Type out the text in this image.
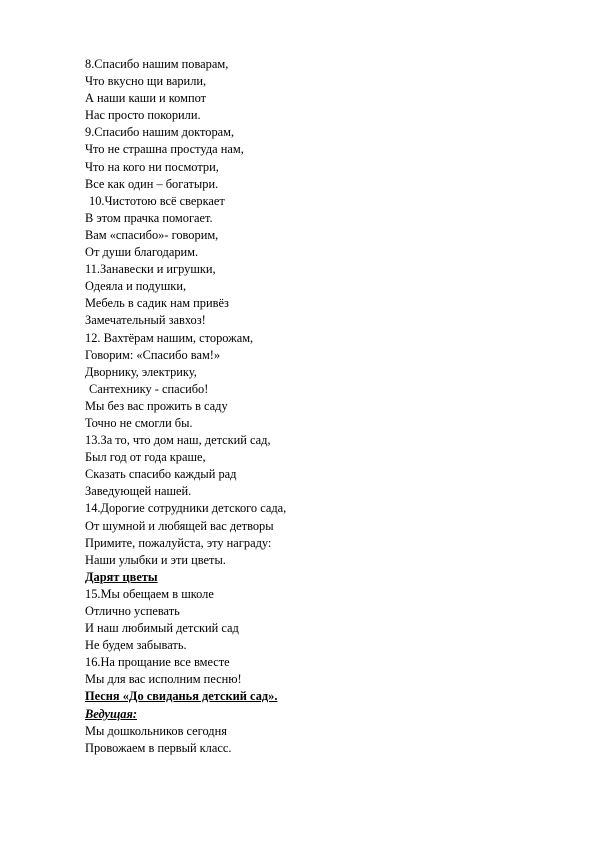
8.Спасибо нашим поварам,
Что вкусно щи варили,
А наши каши и компот
Нас просто покорили.
9.Спасибо нашим докторам,
Что не страшна простуда нам,
Что на кого ни посмотри,
Все как один – богатыри.
10.Чистотою всё сверкает
В этом прачка помогает.
Вам «спасибо»- говорим,
От души благодарим.
11.Занавески и игрушки,
Одеяла и подушки,
Мебель в садик нам привёз
Замечательный завхоз!
12. Вахтёрам нашим, сторожам,
Говорим: «Спасибо вам!»
Дворнику, электрику,
Сантехнику - спасибо!
Мы без вас прожить в саду
Точно не смогли бы.
13.За то, что дом наш, детский сад,
Был год от года краше,
Сказать спасибо каждый рад
Заведующей нашей.
14.Дорогие сотрудники детского сада,
От шумной и любящей вас детворы
Примите, пожалуйста, эту награду:
Наши улыбки и эти цветы.
Дарят цветы
15.Мы обещаем в школе
Отлично успевать
И наш любимый детский сад
Не будем забывать.
16.На прощание все вместе
Мы для вас исполним песню!
Песня «До свиданья детский сад».
Ведущая:
Мы дошкольников сегодня
Провожаем в первый класс.
